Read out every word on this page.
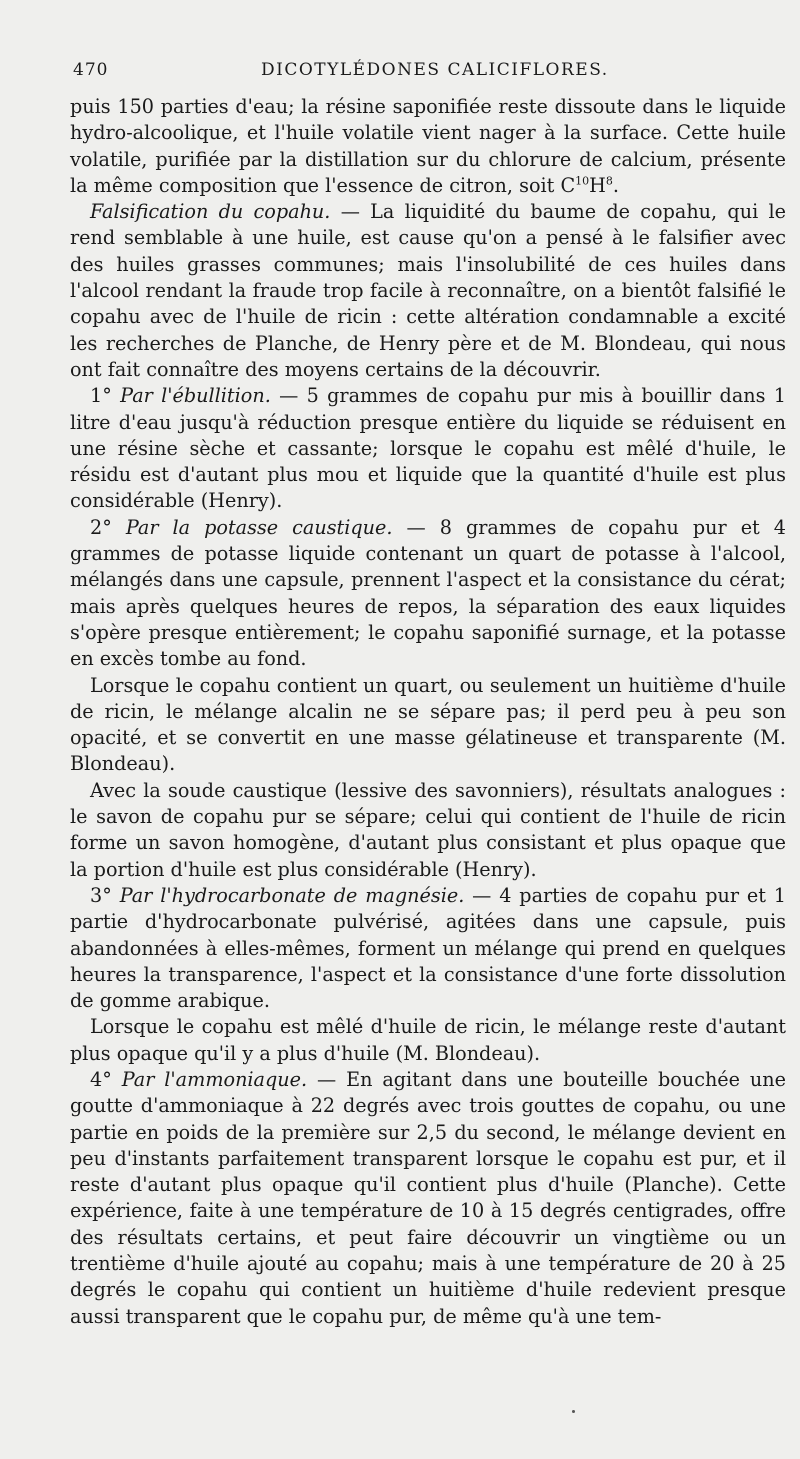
470	DICOTYLÉDONES CALICIFLORES.

puis 150 parties d'eau; la résine saponifiée reste dissoute dans le liquide hydro-alcoolique, et l'huile volatile vient nager à la surface. Cette huile volatile, purifiée par la distillation sur du chlorure de calcium, présente la même composition que l'essence de citron, soit $C^{10}H^8$.

Falsification du copahu. — La liquidité du baume de copahu, qui le rend semblable à une huile, est cause qu'on a pensé à le falsifier avec des huiles grasses communes; mais l'insolubilité de ces huiles dans l'alcool rendant la fraude trop facile à reconnaître, on a bientôt falsifié le copahu avec de l'huile de ricin : cette altération condamnable a excité les recherches de Planche, de Henry père et de M. Blondeau, qui nous ont fait connaître des moyens certains de la découvrir.

1° Par l'ébullition. — 5 grammes de copahu pur mis à bouillir dans 1 litre d'eau jusqu'à réduction presque entière du liquide se réduisent en une résine sèche et cassante; lorsque le copahu est mêlé d'huile, le résidu est d'autant plus mou et liquide que la quantité d'huile est plus considérable (Henry).

2° Par la potasse caustique. — 8 grammes de copahu pur et 4 grammes de potasse liquide contenant un quart de potasse à l'alcool, mélangés dans une capsule, prennent l'aspect et la consistance du cérat; mais après quelques heures de repos, la séparation des eaux liquides s'opère presque entièrement; le copahu saponifié surnage, et la potasse en excès tombe au fond.

Lorsque le copahu contient un quart, ou seulement un huitième d'huile de ricin, le mélange alcalin ne se sépare pas; il perd peu à peu son opacité, et se convertit en une masse gélatineuse et transparente (M. Blondeau).

Avec la soude caustique (lessive des savonniers), résultats analogues : le savon de copahu pur se sépare; celui qui contient de l'huile de ricin forme un savon homogène, d'autant plus consistant et plus opaque que la portion d'huile est plus considérable (Henry).

3° Par l'hydrocarbonate de magnésie. — 4 parties de copahu pur et 1 partie d'hydrocarbonate pulvérisé, agitées dans une capsule, puis abandonnées à elles-mêmes, forment un mélange qui prend en quelques heures la transparence, l'aspect et la consistance d'une forte dissolution de gomme arabique.

Lorsque le copahu est mêlé d'huile de ricin, le mélange reste d'autant plus opaque qu'il y a plus d'huile (M. Blondeau).

4° Par l'ammoniaque. — En agitant dans une bouteille bouchée une goutte d'ammoniaque à 22 degrés avec trois gouttes de copahu, ou une partie en poids de la première sur 2,5 du second, le mélange devient en peu d'instants parfaitement transparent lorsque le copahu est pur, et il reste d'autant plus opaque qu'il contient plus d'huile (Planche). Cette expérience, faite à une température de 10 à 15 degrés centigrades, offre des résultats certains, et peut faire découvrir un vingtième ou un trentième d'huile ajouté au copahu; mais à une température de 20 à 25 degrés le copahu qui contient un huitième d'huile redevient presque aussi transparent que le copahu pur, de même qu'à une tem-
